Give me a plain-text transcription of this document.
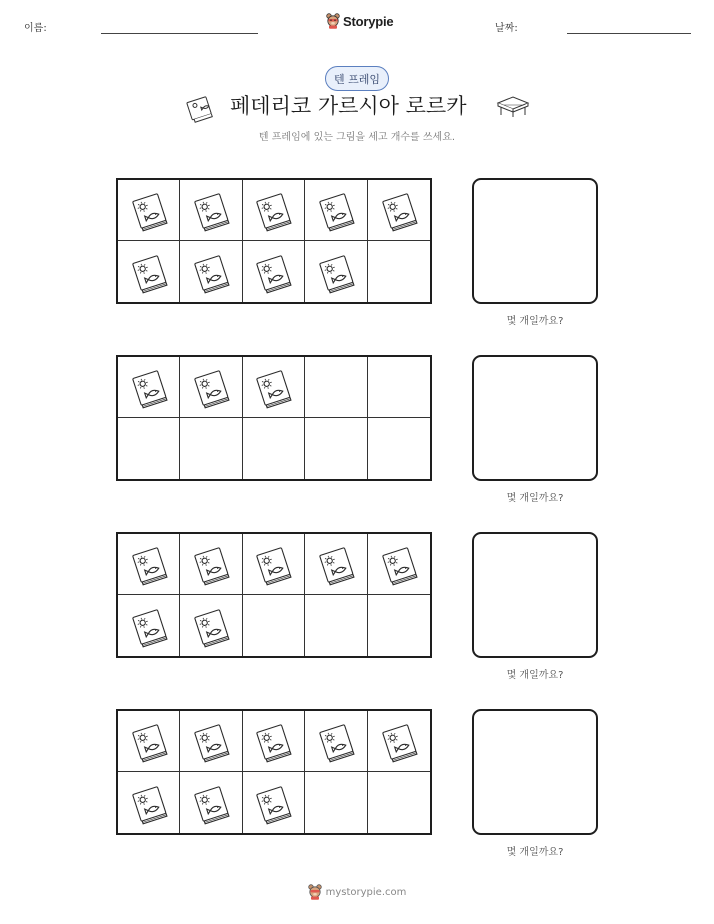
이름:	Storypie	날짜:
텐 프레임
페데리코 가르시아 로르카
텐 프레임에 있는 그림을 세고 개수를 쓰세요.
몇 개일까요?
몇 개일까요?
몇 개일까요?
몇 개일까요?
mystorypie.com
